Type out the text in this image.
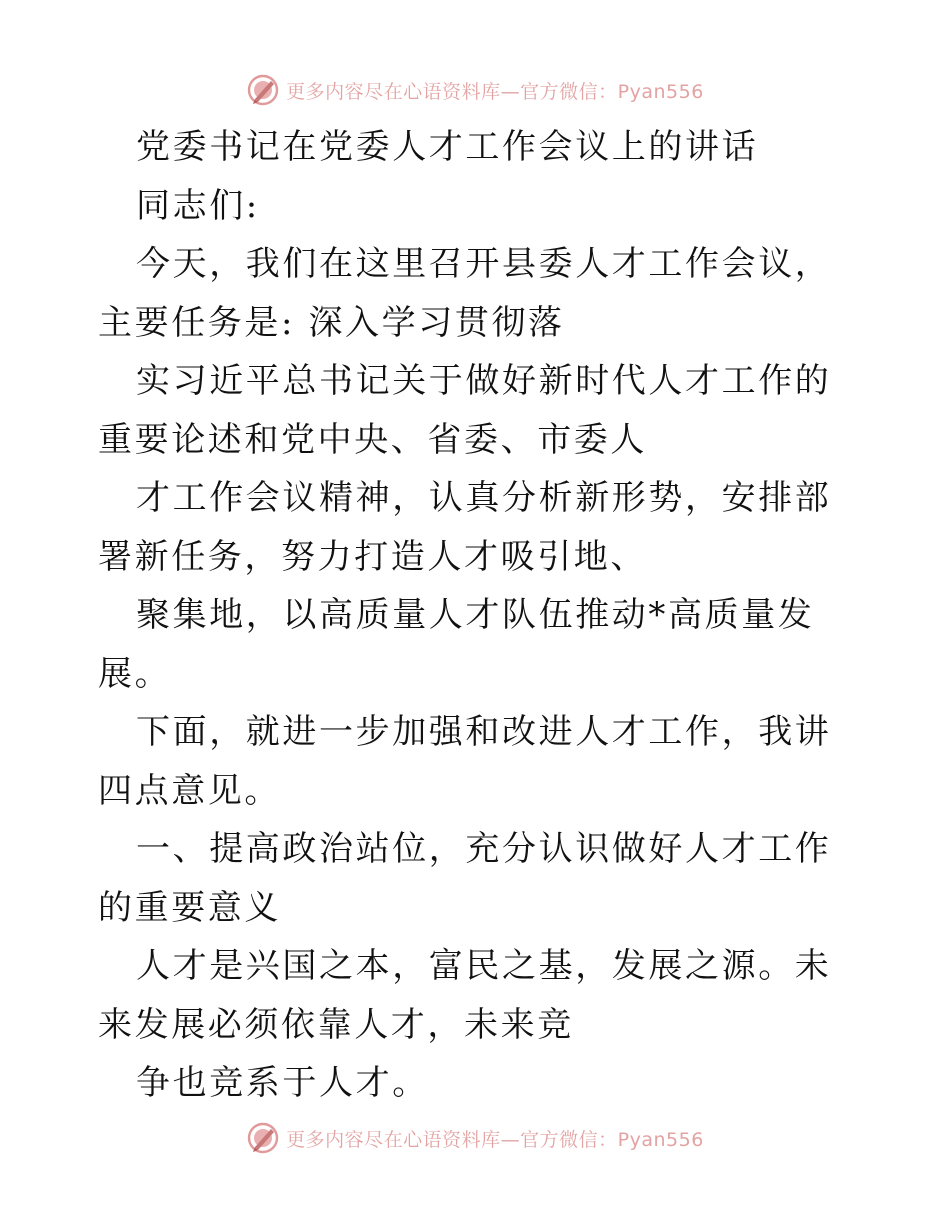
更多内容尽在心语资料库—官方微信：Pyan556

党委书记在党委人才工作会议上的讲话

同志们:

今天，我们在这里召开县委人才工作会议，主要任务是: 深入学习贯彻落

实习近平总书记关于做好新时代人才工作的重要论述和党中央、省委、市委人

才工作会议精神，认真分析新形势，安排部署新任务，努力打造人才吸引地、

聚集地，以高质量人才队伍推动*高质量发展。

下面，就进一步加强和改进人才工作，我讲四点意见。

一、提高政治站位，充分认识做好人才工作的重要意义

人才是兴国之本，富民之基，发展之源。未来发展必须依靠人才，未来竞

争也竞系于人才。

更多内容尽在心语资料库—官方微信：Pyan556
